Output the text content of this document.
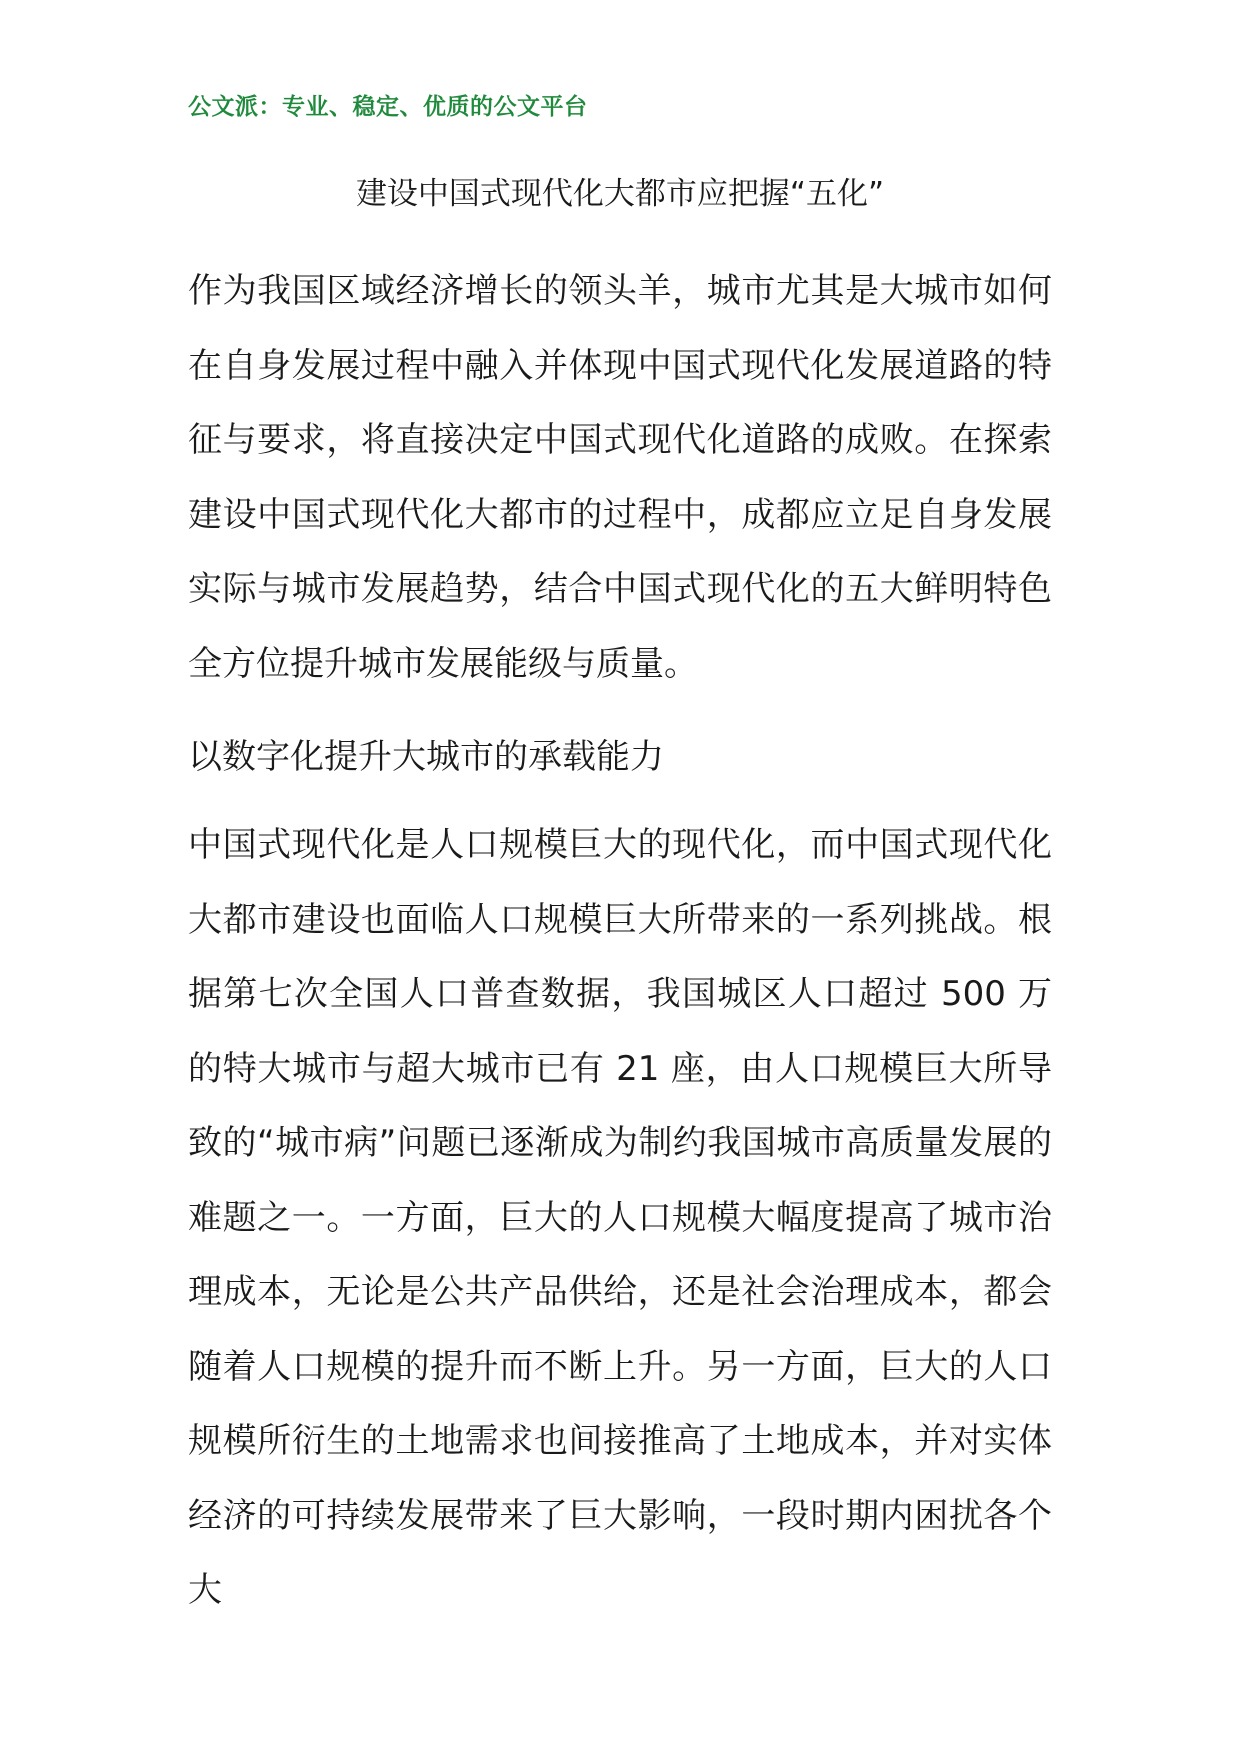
公文派：专业、稳定、优质的公文平台
建设中国式现代化大都市应把握“五化”
作为我国区域经济增长的领头羊，城市尤其是大城市如何在自身发展过程中融入并体现中国式现代化发展道路的特征与要求，将直接决定中国式现代化道路的成败。在探索建设中国式现代化大都市的过程中，成都应立足自身发展实际与城市发展趋势，结合中国式现代化的五大鲜明特色全方位提升城市发展能级与质量。
以数字化提升大城市的承载能力
中国式现代化是人口规模巨大的现代化，而中国式现代化大都市建设也面临人口规模巨大所带来的一系列挑战。根据第七次全国人口普查数据，我国城区人口超过 500 万的特大城市与超大城市已有 21 座，由人口规模巨大所导致的“城市病”问题已逐渐成为制约我国城市高质量发展的难题之一。一方面，巨大的人口规模大幅度提高了城市治理成本，无论是公共产品供给，还是社会治理成本，都会随着人口规模的提升而不断上升。另一方面，巨大的人口规模所衍生的土地需求也间接推高了土地成本，并对实体经济的可持续发展带来了巨大影响，一段时期内困扰各个大
